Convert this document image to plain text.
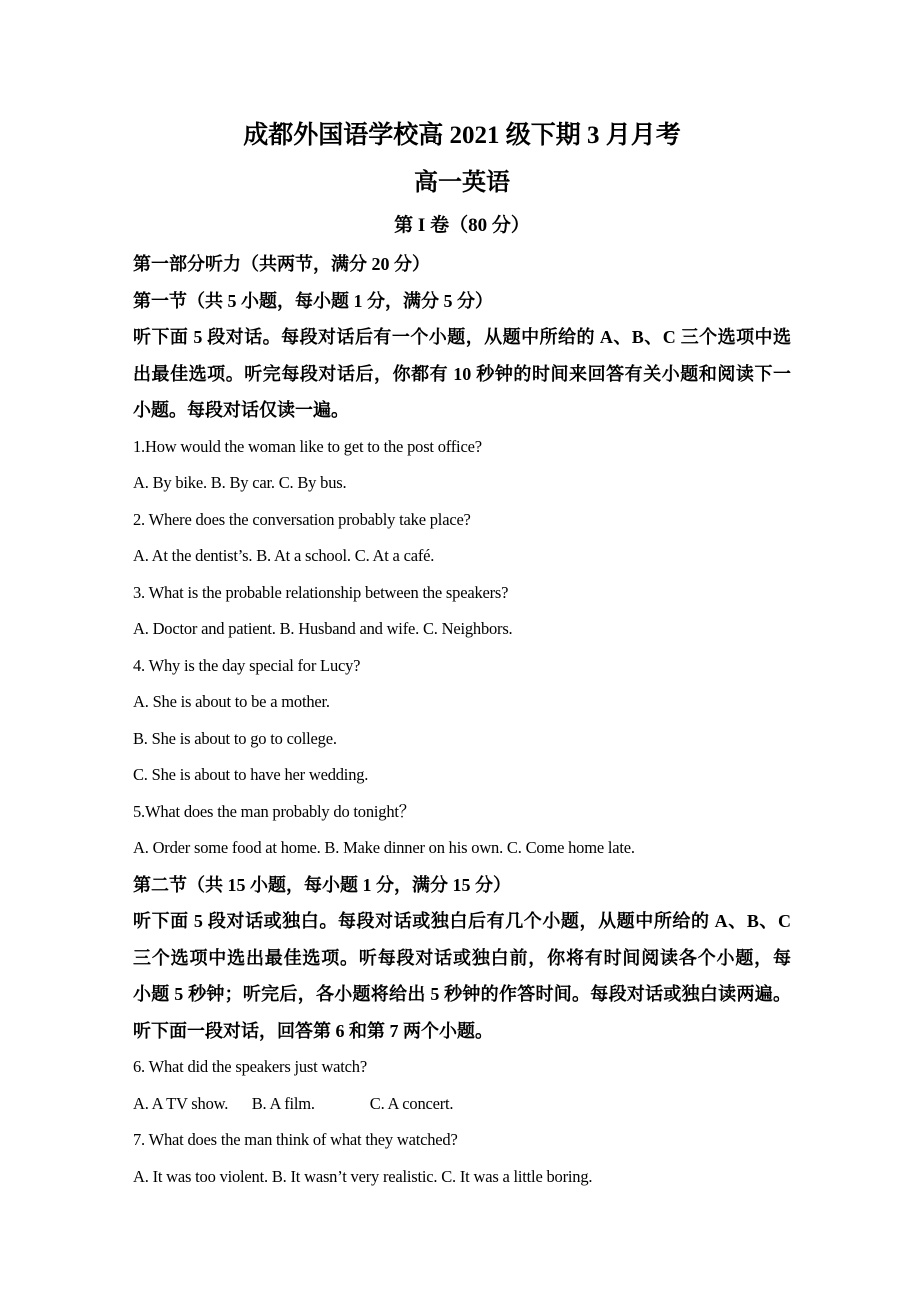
成都外国语学校高 2021 级下期 3 月月考
高一英语
第 I 卷（80 分）
第一部分听力（共两节，满分 20 分）
第一节（共 5 小题，每小题 1 分，满分 5 分）
听下面 5 段对话。每段对话后有一个小题，从题中所给的 A、B、C 三个选项中选
出最佳选项。听完每段对话后，你都有 10 秒钟的时间来回答有关小题和阅读下一
小题。每段对话仅读一遍。
1.How would the woman like to get to the post office?
A. By bike. B. By car. C. By bus.
2. Where does the conversation probably take place?
A. At the dentist’s. B. At a school. C. At a café.
3. What is the probable relationship between the speakers?
A. Doctor and patient. B. Husband and wife. C. Neighbors.
4. Why is the day special for Lucy?
A. She is about to be a mother.
B. She is about to go to college.
C. She is about to have her wedding.
5.What does the man probably do tonight？
A. Order some food at home. B. Make dinner on his own. C. Come home late.
第二节（共 15 小题，每小题 1 分，满分 15 分）
听下面 5 段对话或独白。每段对话或独白后有几个小题，从题中所给的 A、B、C
三个选项中选出最佳选项。听每段对话或独白前，你将有时间阅读各个小题，每
小题 5 秒钟；听完后，各小题将给出 5 秒钟的作答时间。每段对话或独白读两遍。
听下面一段对话，回答第 6 和第 7 两个小题。
6. What did the speakers just watch?
A. A TV show.      B. A film.              C. A concert.
7. What does the man think of what they watched?
A. It was too violent. B. It wasn’t very realistic. C. It was a little boring.
